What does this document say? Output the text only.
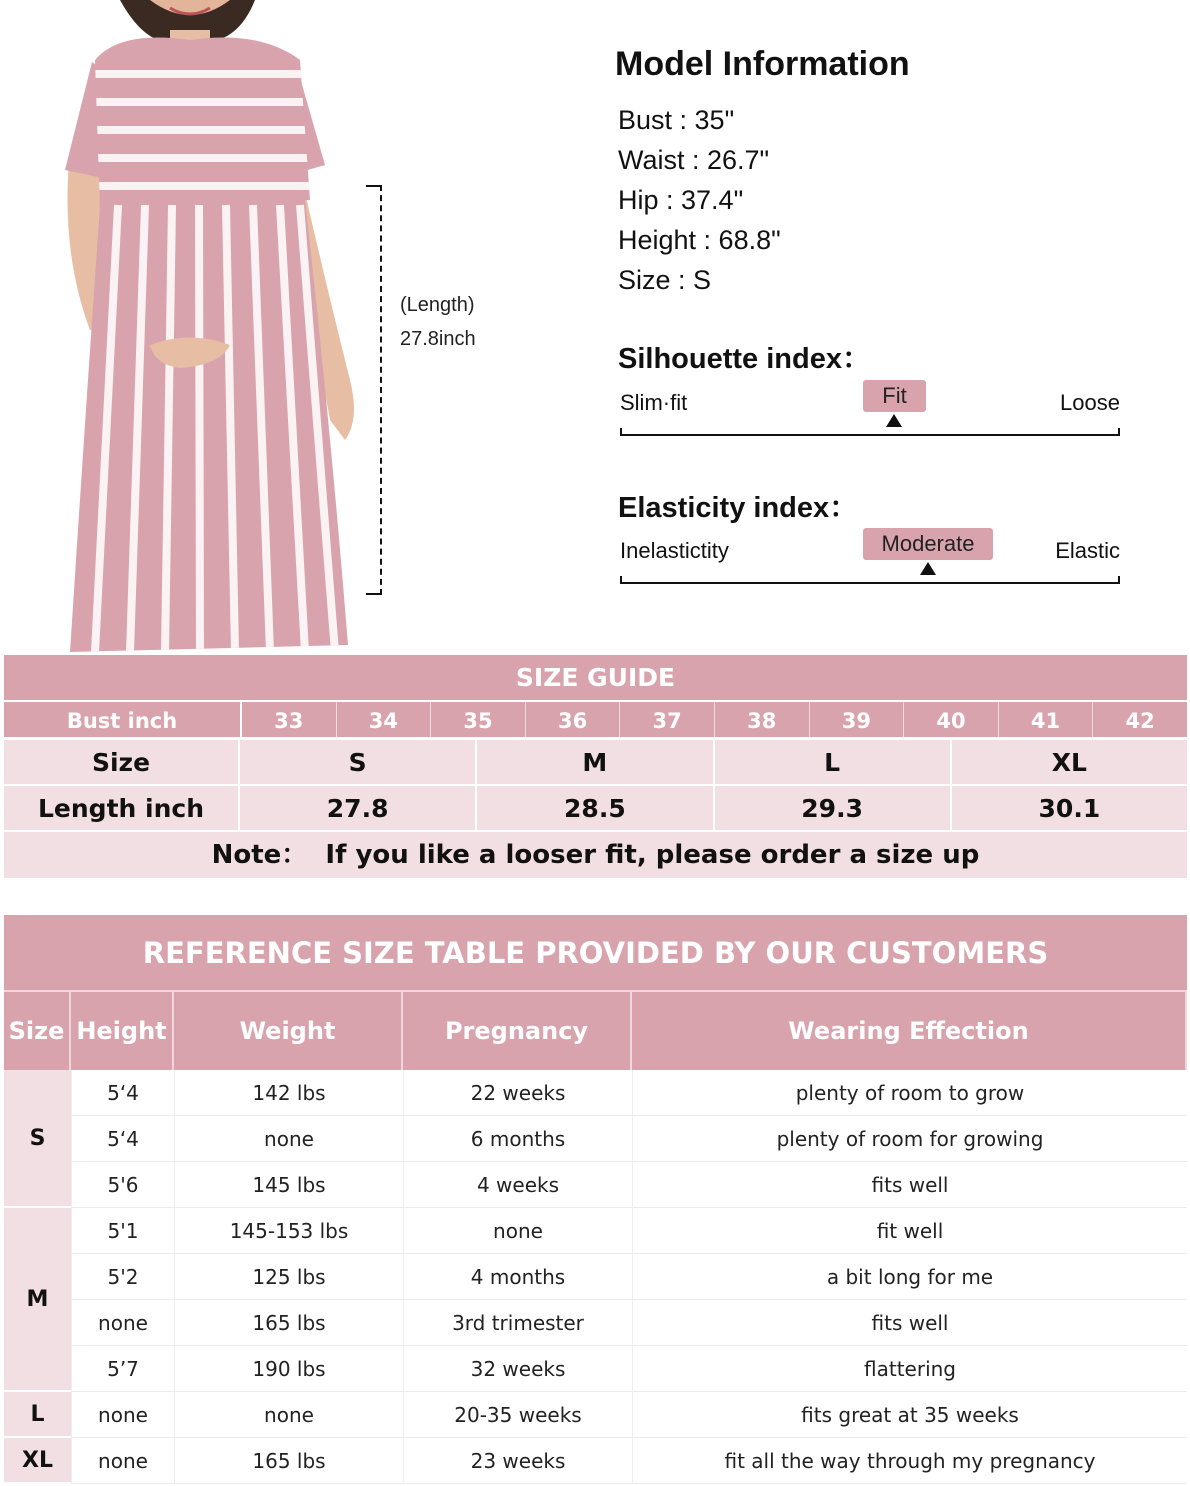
(Length)
27.8inch
Model Information
Bust : 35"
Waist : 26.7"
Hip : 37.4"
Height : 68.8"
Size : S
Silhouette index：
Slim·fit	Fit	Loose
Elasticity index：
Inelastictity	Moderate	Elastic
SIZE GUIDE
Bust inch	33	34	35	36	37	38	39	40	41	42
Size	S	M	L	XL
Length inch	27.8	28.5	29.3	30.1
Note：  If you like a looser fit, please order a size up
REFERENCE SIZE TABLE PROVIDED BY OUR CUSTOMERS
Size Height	Weight	Pregnancy	Wearing Effection
S
5‘4	142 lbs	22 weeks	plenty of room to grow
5‘4	none	6 months	plenty of room for growing
5'6	145 lbs	4 weeks	fits well
M
5'1	145-153 lbs	none	fit well
5'2	125 lbs	4 months	a bit long for me
none	165 lbs	3rd trimester	fits well
5’7	190 lbs	32 weeks	flattering
L	none	none	20-35 weeks	fits great at 35 weeks
XL	none	165 lbs	23 weeks	fit all the way through my pregnancy
